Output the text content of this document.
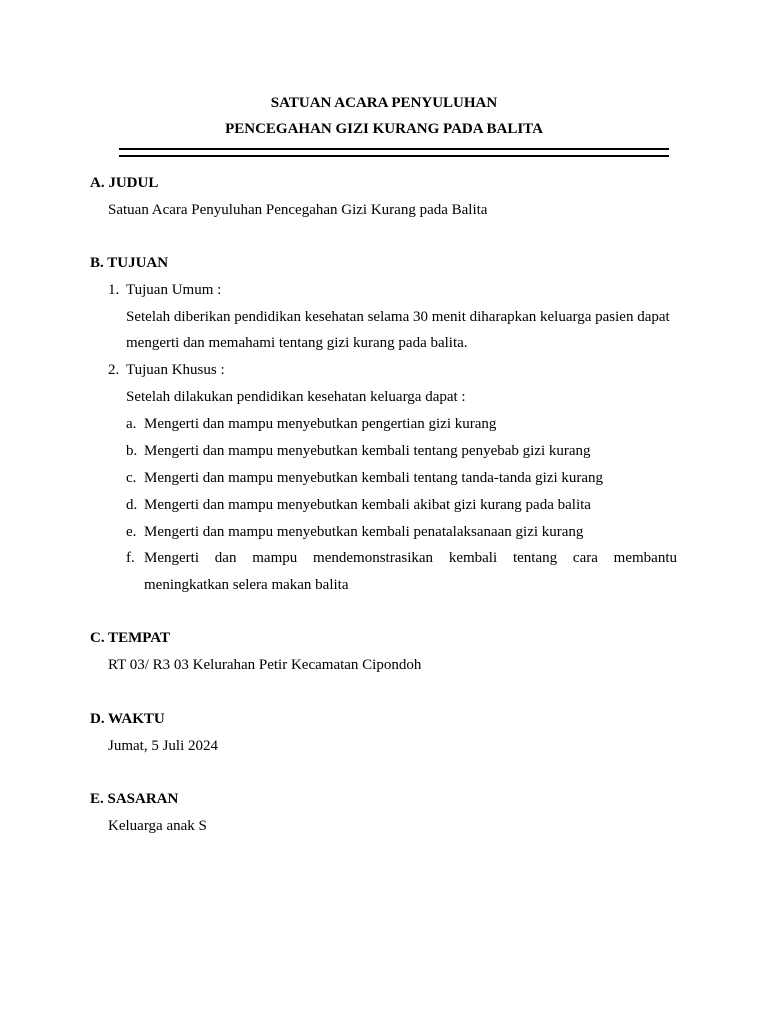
SATUAN ACARA PENYULUHAN
PENCEGAHAN GIZI KURANG PADA BALITA
A. JUDUL
Satuan Acara Penyuluhan Pencegahan Gizi Kurang pada Balita
B. TUJUAN
1. Tujuan Umum :
Setelah diberikan pendidikan kesehatan selama 30 menit diharapkan keluarga pasien dapat
mengerti dan memahami tentang gizi kurang pada balita.
2. Tujuan Khusus :
Setelah dilakukan pendidikan kesehatan keluarga dapat :
a. Mengerti dan mampu menyebutkan pengertian gizi kurang
b. Mengerti dan mampu menyebutkan kembali tentang penyebab gizi kurang
c. Mengerti dan mampu menyebutkan kembali tentang tanda-tanda gizi kurang
d. Mengerti dan mampu menyebutkan kembali akibat gizi kurang pada balita
e. Mengerti dan mampu menyebutkan kembali penatalaksanaan gizi kurang
f. Mengerti dan mampu mendemonstrasikan kembali tentang cara membantu
meningkatkan selera makan balita
C. TEMPAT
RT 03/ R3 03 Kelurahan Petir Kecamatan Cipondoh
D. WAKTU
Jumat, 5 Juli 2024
E. SASARAN
Keluarga anak S
